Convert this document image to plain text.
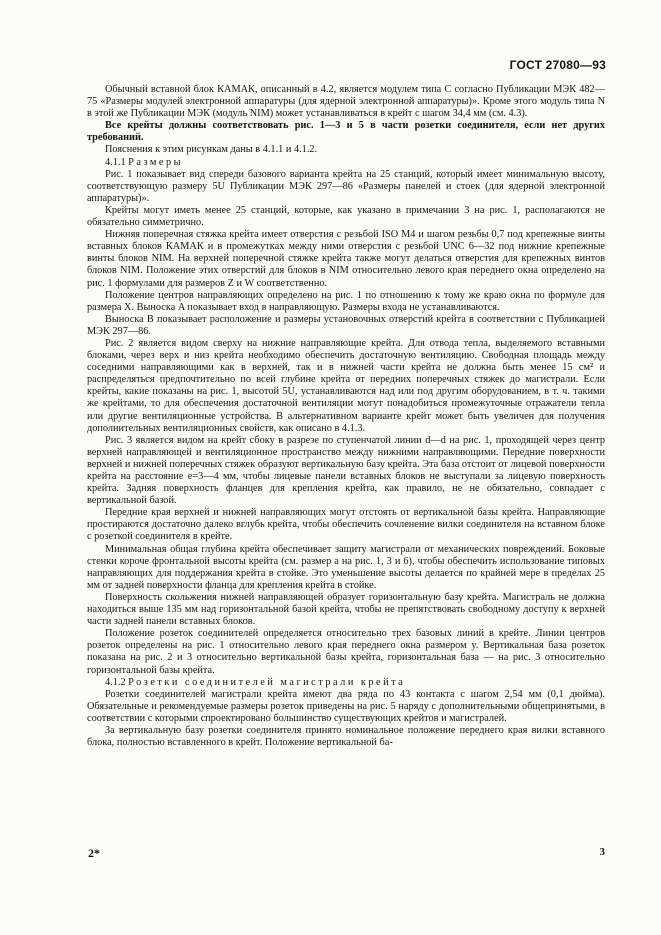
ГОСТ 27080—93

Обычный вставной блок КАМАК, описанный в 4.2, является модулем типа С согласно Публикации МЭК 482—75 «Размеры модулей электронной аппаратуры (для ядерной электронной аппаратуры)». Кроме этого модуль типа N в этой же Публикации МЭК (модуль NIM) может устанавливаться в крейт с шагом 34,4 мм (см. 4.3).

Все крейты должны соответствовать рис. 1—3 и 5 в части розетки соединителя, если нет других требований.

Пояснения к этим рисункам даны в 4.1.1 и 4.1.2.

4.1.1 Размеры

Рис. 1 показывает вид спереди базового варианта крейта на 25 станций, который имеет минимальную высоту, соответствующую размеру 5U Публикации МЭК 297—86 «Размеры панелей и стоек (для ядерной электронной аппаратуры)».

Крейты могут иметь менее 25 станций, которые, как указано в примечании 3 на рис. 1, располагаются не обязательно симметрично.

Нижняя поперечная стяжка крейта имеет отверстия с резьбой ISO M4 и шагом резьбы 0,7 под крепежные винты вставных блоков КАМАК и в промежутках между ними отверстия с резьбой UNC 6—32 под нижние крепежные винты блоков NIM. На верхней поперечной стяжке крейта также могут делаться отверстия для крепежных винтов блоков NIM. Положение этих отверстий для блоков в NIM относительно левого края переднего окна определено на рис. 1 формулами для размеров Z и W соответственно.

Положение центров направляющих определено на рис. 1 по отношению к тому же краю окна по формуле для размера X. Выноска A показывает вход в направляющую. Размеры входа не устанавливаются.

Выноска B показывает расположение и размеры установочных отверстий крейта в соответствии с Публикацией МЭК 297—86.

Рис. 2 является видом сверху на нижние направляющие крейта. Для отвода тепла, выделяемого вставными блоками, через верх и низ крейта необходимо обеспечить достаточную вентиляцию. Свободная площадь между соседними направляющими как в верхней, так и в нижней части крейта не должна быть менее 15 см² и распределяться предпочтительно по всей глубине крейта от передних поперечных стяжек до магистрали. Если крейты, какие показаны на рис. 1, высотой 5U, устанавливаются над или под другим оборудованием, в т. ч. такими же крейтами, то для обеспечения достаточной вентиляции могут понадобиться промежуточные отражатели тепла или другие вентиляционные устройства. В альтернативном варианте крейт может быть увеличен для получения дополнительных вентиляционных свойств, как описано в 4.1.3.

Рис. 3 является видом на крейт сбоку в разрезе по ступенчатой линии d—d на рис. 1, проходящей через центр верхней направляющей и вентиляционное пространство между нижними направляющими. Передние поверхности верхней и нижней поперечных стяжек образуют вертикальную базу крейта. Эта база отстоит от лицевой поверхности крейта на расстояние e=3—4 мм, чтобы лицевые панели вставных блоков не выступали за лицевую поверхность крейта. Задняя поверхность фланцев для крепления крейта, как правило, не не обязательно, совпадает с вертикальной базой.

Передние края верхней и нижней направляющих могут отстоять от вертикальной базы крейта. Направляющие простираются достаточно далеко вглубь крейта, чтобы обеспечить сочленение вилки соединителя на вставном блоке с розеткой соединителя в крейте.

Минимальная общая глубина крейта обеспечивает защиту магистрали от механических повреждений. Боковые стенки короче фронтальной высоты крейта (см. размер a на рис. 1, 3 и 6), чтобы обеспечить использование типовых направляющих для поддержания крейта в стойке. Это уменьшение высоты делается по крайней мере в пределах 25 мм от задней поверхности фланца для крепления крейта в стойке.

Поверхность скольжения нижней направляющей образует горизонтальную базу крейта. Магистраль не должна находиться выше 135 мм над горизонтальной базой крейта, чтобы не препятствовать свободному доступу к верхней части задней панели вставных блоков.

Положение розеток соединителей определяется относительно трех базовых линий в крейте. Линии центров розеток определены на рис. 1 относительно левого края переднего окна размером y. Вертикальная база розеток показана на рис. 2 и 3 относительно вертикальной базы крейта, горизонтальная база — на рис. 3 относительно горизонтальной базы крейта.

4.1.2 Розетки соединителей магистрали крейта

Розетки соединителей магистрали крейта имеют два ряда по 43 контакта с шагом 2,54 мм (0,1 дюйма). Обязательные и рекомендуемые размеры розеток приведены на рис. 5 наряду с дополнительными общепринятыми, в соответствии с которыми спроектировано большинство существующих крейтов и магистралей.

За вертикальную базу розетки соединителя принято номинальное положение переднего края вилки вставного блока, полностью вставленного в крейт. Положение вертикальной ба-

2*	3
